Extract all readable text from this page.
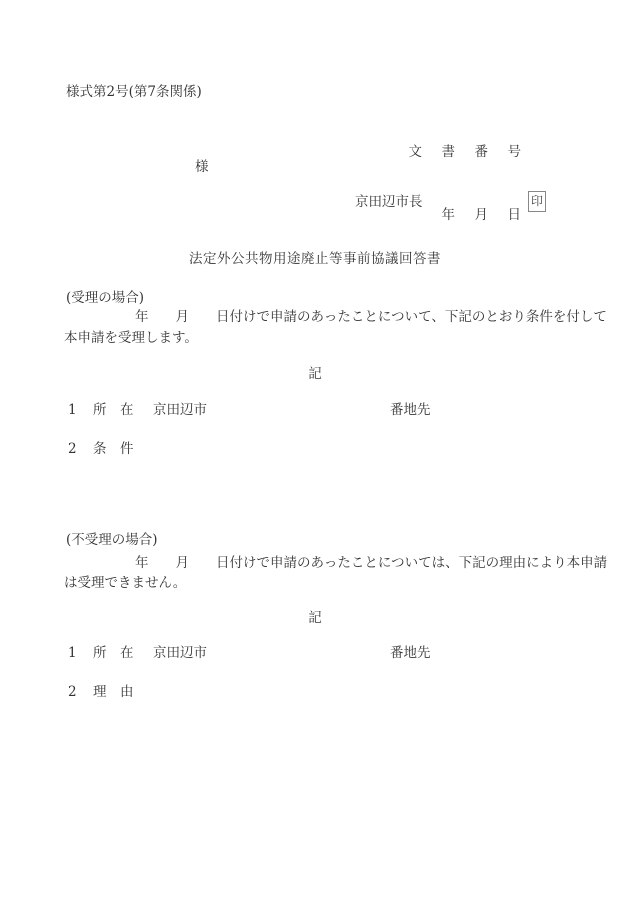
様式第2号(第7条関係)

文　書　番　号

年　月　日

様
京田辺市長	印
法定外公共物用途廃止等事前協議回答書
(受理の場合)
年　　月　　日付けで申請のあったことについて、下記のとおり条件を付して
本申請を受理します。
記
1 所　在 京田辺市	番地先
2 条　件
(不受理の場合)
年　　月　　日付けで申請のあったことについては、下記の理由により本申請
は受理できません。
記
1 所　在 京田辺市	番地先
2 理　由
